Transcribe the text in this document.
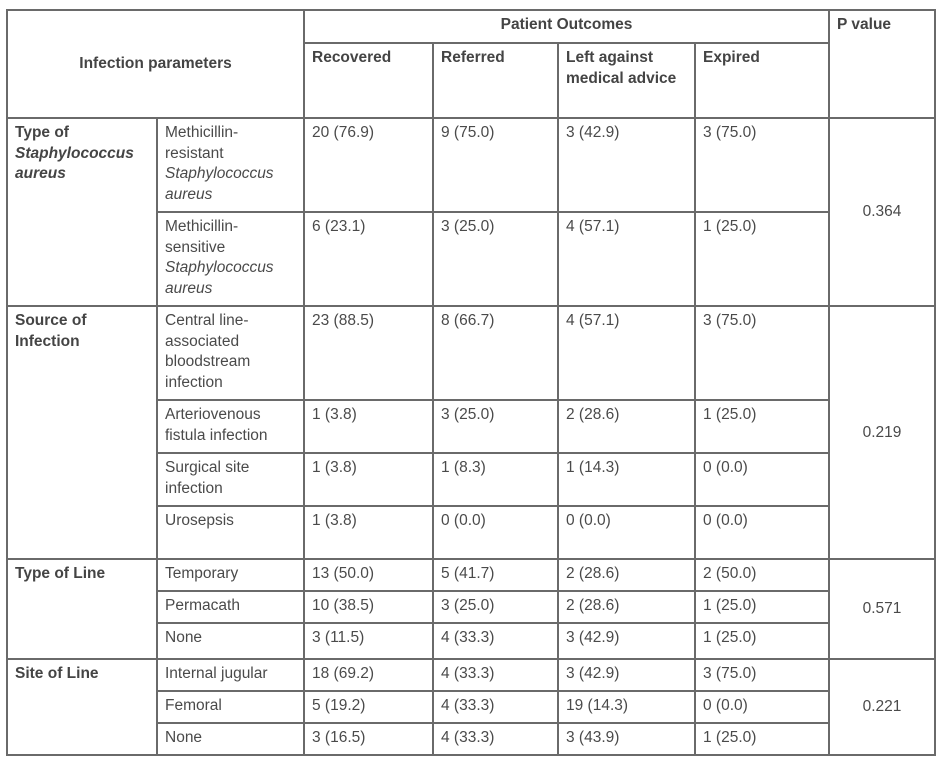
Infection parameters		Patient Outcomes				P value
		Recovered	Referred	Left against medical advice	Expired	
Type of Staphylococcus aureus	Methicillin-resistant Staphylococcus aureus	20 (76.9)	9 (75.0)	3 (42.9)	3 (75.0)	0.364
	Methicillin-sensitive Staphylococcus aureus	6 (23.1)	3 (25.0)	4 (57.1)	1 (25.0)	
Source of Infection	Central line-associated bloodstream infection	23 (88.5)	8 (66.7)	4 (57.1)	3 (75.0)	0.219
	Arteriovenous fistula infection	1 (3.8)	3 (25.0)	2 (28.6)	1 (25.0)	
	Surgical site infection	1 (3.8)	1 (8.3)	1 (14.3)	0 (0.0)	
	Urosepsis	1 (3.8)	0 (0.0)	0 (0.0)	0 (0.0)	
Type of Line	Temporary	13 (50.0)	5 (41.7)	2 (28.6)	2 (50.0)	0.571
	Permacath	10 (38.5)	3 (25.0)	2 (28.6)	1 (25.0)	
	None	3 (11.5)	4 (33.3)	3 (42.9)	1 (25.0)	
Site of Line	Internal jugular	18 (69.2)	4 (33.3)	3 (42.9)	3 (75.0)	0.221
	Femoral	5 (19.2)	4 (33.3)	19 (14.3)	0 (0.0)	
	None	3 (16.5)	4 (33.3)	3 (43.9)	1 (25.0)	
